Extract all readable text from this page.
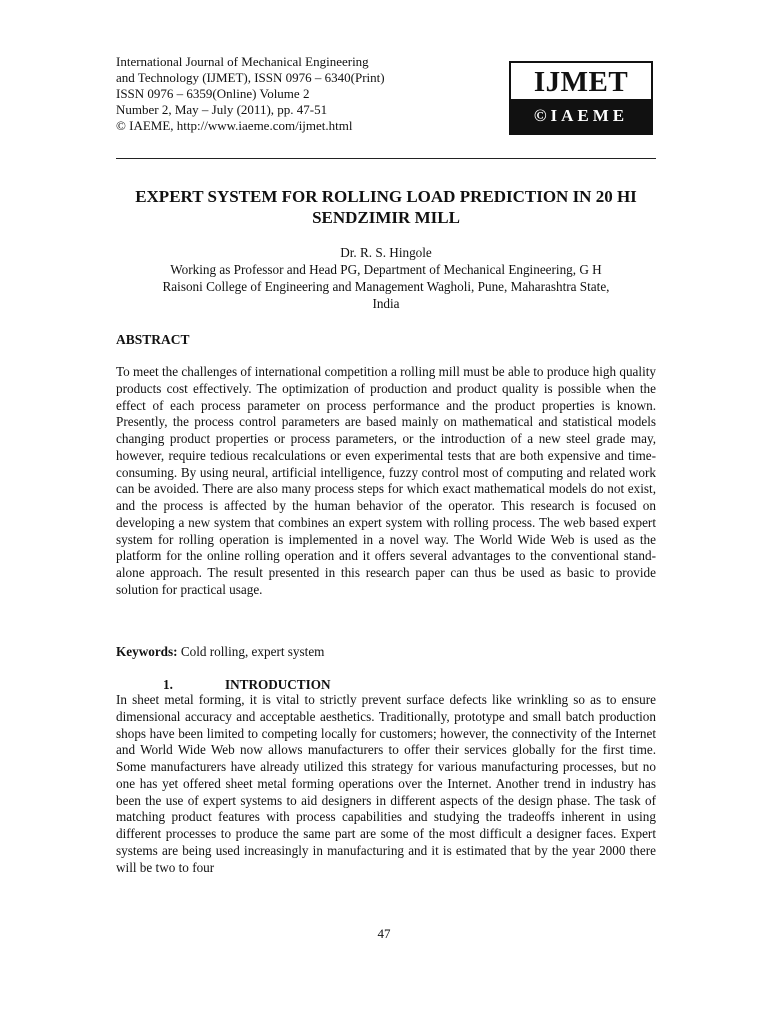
International Journal of Mechanical Engineering
and Technology (IJMET), ISSN 0976 – 6340(Print)
ISSN 0976 – 6359(Online) Volume 2
Number 2, May – July (2011), pp. 47-51
© IAEME, http://www.iaeme.com/ijmet.html
IJMET
©IAEME
EXPERT SYSTEM FOR ROLLING LOAD PREDICTION IN 20 HI SENDZIMIR MILL
Dr. R. S. Hingole
Working as Professor and Head PG, Department of Mechanical Engineering, G H
Raisoni College of Engineering and Management Wagholi, Pune, Maharashtra State,
India
ABSTRACT
To meet the challenges of international competition a rolling mill must be able to produce high quality products cost effectively. The optimization of production and product quality is possible when the effect of each process parameter on process performance and the product properties is known. Presently, the process control parameters are based mainly on mathematical and statistical models changing product properties or process parameters, or the introduction of a new steel grade may, however, require tedious recalculations or even experimental tests that are both expensive and time-consuming. By using neural, artificial intelligence, fuzzy control most of computing and related work can be avoided. There are also many process steps for which exact mathematical models do not exist, and the process is affected by the human behavior of the operator. This research is focused on developing a new system that combines an expert system with rolling process. The web based expert system for rolling operation is implemented in a novel way. The World Wide Web is used as the platform for the online rolling operation and it offers several advantages to the conventional stand-alone approach. The result presented in this research paper can thus be used as basic to provide solution for practical usage.
Keywords: Cold rolling, expert system
1.	INTRODUCTION
In sheet metal forming, it is vital to strictly prevent surface defects like wrinkling so as to ensure dimensional accuracy and acceptable aesthetics. Traditionally, prototype and small batch production shops have been limited to competing locally for customers; however, the connectivity of the Internet and World Wide Web now allows manufacturers to offer their services globally for the first time. Some manufacturers have already utilized this strategy for various manufacturing processes, but no one has yet offered sheet metal forming operations over the Internet. Another trend in industry has been the use of expert systems to aid designers in different aspects of the design phase. The task of matching product features with process capabilities and studying the tradeoffs inherent in using different processes to produce the same part are some of the most difficult a designer faces. Expert systems are being used increasingly in manufacturing and it is estimated that by the year 2000 there will be two to four
47
